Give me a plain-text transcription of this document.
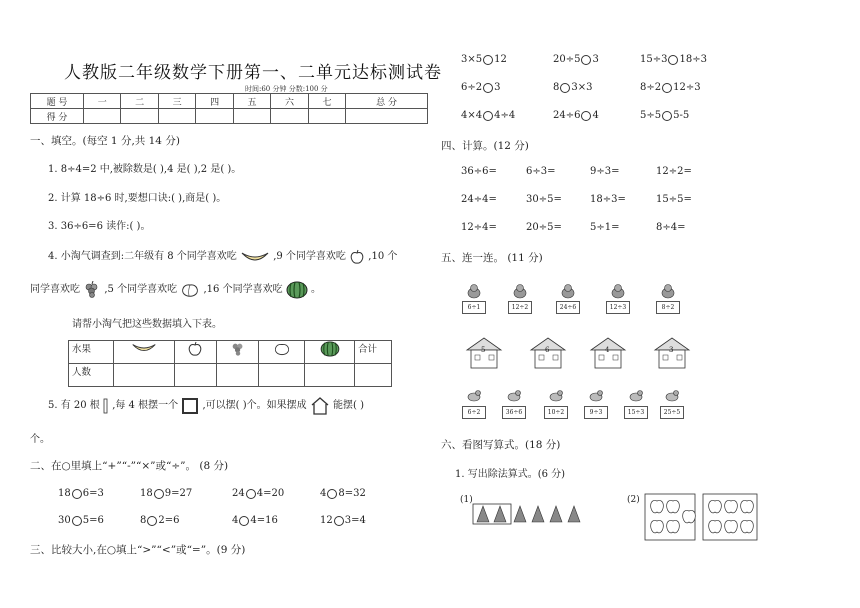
人教版二年级数学下册第一、二单元达标测试卷
时间:60 分钟 分数:100 分
题 号	一	二	三	四	五	六	七	总 分
得 分								
一、填空。(每空 1 分,共 14 分)
1. 8÷4=2 中,被除数是( ),4 是( ),2 是( )。
2. 计算 18÷6 时,要想口诀:( ),商是( )。
3. 36÷6=6 读作:( )。
4. 小淘气调查到:二年级有 8 个同学喜欢吃	,9 个同学喜欢吃 ,10 个
同学喜欢吃 ,5 个同学喜欢吃	,16 个同学喜欢吃	。
请帮小淘气把这些数据填入下表。
水果						合计
人数						
5. 有 20 根 ,每 4 根摆一个 ,可以摆( )个。如果摆成	能摆( )
个。
二、在○里填上“+”“-”“×”或“÷”。 (8 分)
18 6=3	18 9=27	24 4=20	4 8=32
30 5=6	8 2=6	4 4=16	12 3=4
三、比较大小,在○填上“>”“<”或“=”。(9 分)
3×5 12	20÷5 3	15÷3 18÷3
6÷2 3	8 3×3	8÷2 12÷3
4×4 4÷4	24÷6 4	5÷5 5-5
四、计算。(12 分)
36÷6=	6÷3=	9÷3=	12÷2=
24÷4=	30÷5=	18÷3=	15÷5=
12÷4=	20÷5=	5÷1=	8÷4=
五、连一连。 (11 分)
6÷1	12÷2	24÷6	12÷3	8÷2
5	6	4	3
6÷2	36÷6	10÷2	9÷3	15÷3	25÷5
六、看图写算式。(18 分)
1. 写出除法算式。(6 分)
(1)	(2)
